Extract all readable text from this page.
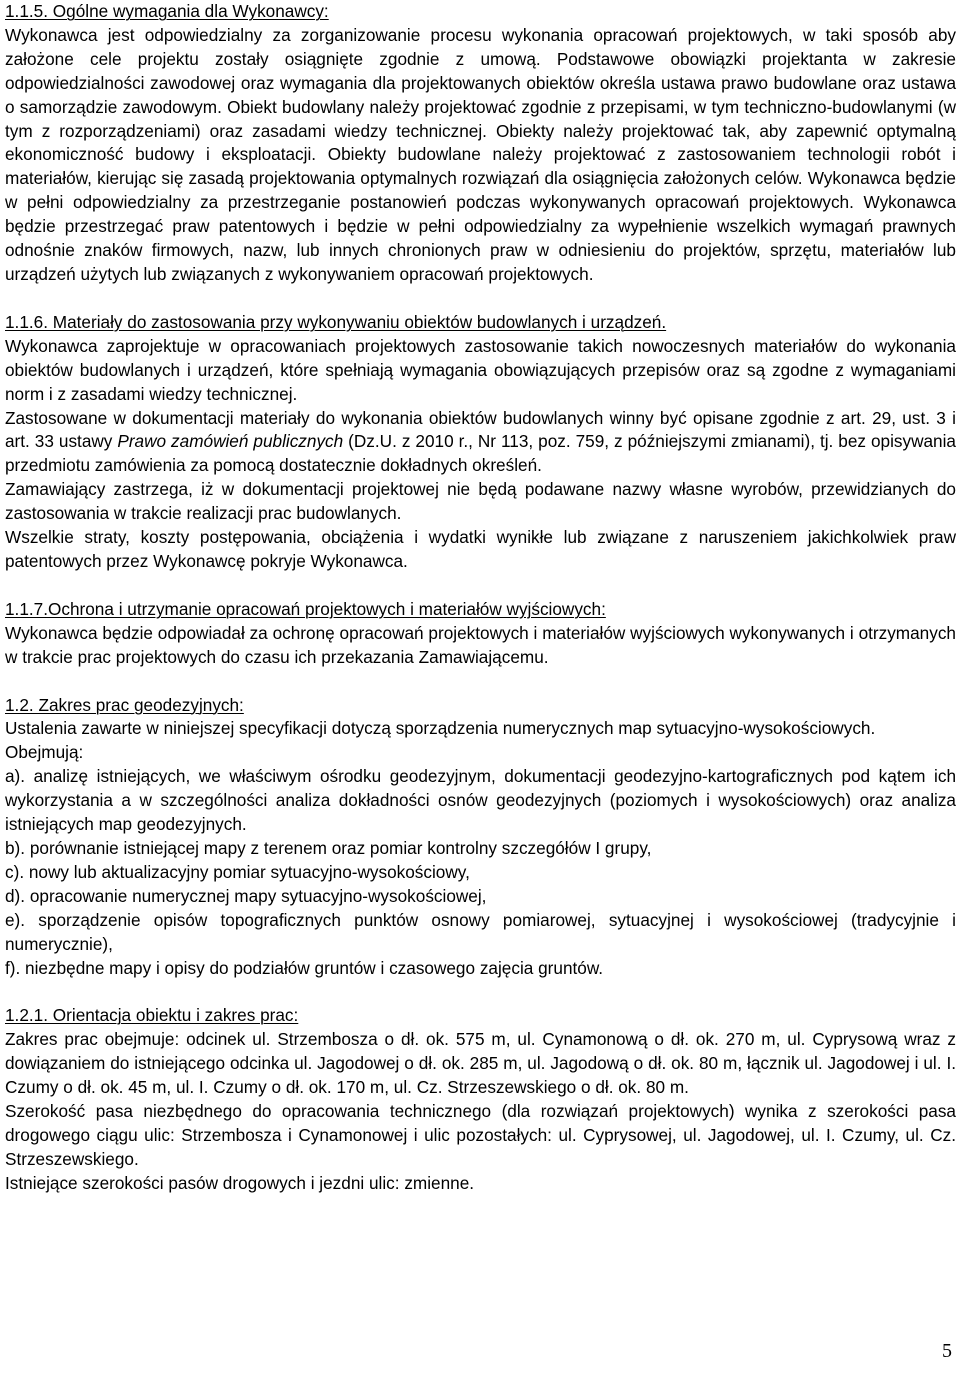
1.1.5. Ogólne wymagania dla Wykonawcy:

Wykonawca jest odpowiedzialny za zorganizowanie procesu wykonania opracowań projektowych, w taki sposób aby założone cele projektu zostały osiągnięte zgodnie z umową. Podstawowe obowiązki projektanta w zakresie odpowiedzialności zawodowej oraz wymagania dla projektowanych obiektów określa ustawa prawo budowlane oraz ustawa o samorządzie zawodowym. Obiekt budowlany należy projektować zgodnie z przepisami, w tym techniczno-budowlanymi (w tym z rozporządzeniami) oraz zasadami wiedzy technicznej. Obiekty należy projektować tak, aby zapewnić optymalną ekonomiczność budowy i eksploatacji. Obiekty budowlane należy projektować z zastosowaniem technologii robót i materiałów, kierując się zasadą projektowania optymalnych rozwiązań dla osiągnięcia założonych celów. Wykonawca będzie w pełni odpowiedzialny za przestrzeganie postanowień podczas wykonywanych opracowań projektowych. Wykonawca będzie przestrzegać praw patentowych i będzie w pełni odpowiedzialny za wypełnienie wszelkich wymagań prawnych odnośnie znaków firmowych, nazw, lub innych chronionych praw w odniesieniu do projektów, sprzętu, materiałów lub urządzeń użytych lub związanych z wykonywaniem opracowań projektowych.

1.1.6. Materiały do zastosowania przy wykonywaniu obiektów budowlanych i urządzeń.

Wykonawca zaprojektuje w opracowaniach projektowych zastosowanie takich nowoczesnych materiałów do wykonania obiektów budowlanych i urządzeń, które spełniają wymagania obowiązujących przepisów oraz są zgodne z wymaganiami norm i z zasadami wiedzy technicznej.

Zastosowane w dokumentacji materiały do wykonania obiektów budowlanych winny być opisane zgodnie z art. 29, ust. 3 i art. 33 ustawy Prawo zamówień publicznych (Dz.U. z 2010 r., Nr 113, poz. 759, z późniejszymi zmianami), tj. bez opisywania przedmiotu zamówienia za pomocą dostatecznie dokładnych określeń.

Zamawiający zastrzega, iż w dokumentacji projektowej nie będą podawane nazwy własne wyrobów, przewidzianych do zastosowania w trakcie realizacji prac budowlanych.

Wszelkie straty, koszty postępowania, obciążenia i wydatki wynikłe lub związane z naruszeniem jakichkolwiek praw patentowych przez Wykonawcę pokryje Wykonawca.

1.1.7.Ochrona i utrzymanie opracowań projektowych i materiałów wyjściowych:

Wykonawca będzie odpowiadał za ochronę opracowań projektowych i materiałów wyjściowych wykonywanych i otrzymanych w trakcie prac projektowych do czasu ich przekazania Zamawiającemu.

1.2. Zakres prac geodezyjnych:

Ustalenia zawarte w niniejszej specyfikacji dotyczą sporządzenia numerycznych map sytuacyjno-wysokościowych.

Obejmują:

a). analizę istniejących, we właściwym ośrodku geodezyjnym, dokumentacji geodezyjno-kartograficznych pod kątem ich wykorzystania a w szczególności analiza dokładności osnów geodezyjnych (poziomych i wysokościowych) oraz analiza istniejących map geodezyjnych.

b). porównanie istniejącej mapy z terenem oraz pomiar kontrolny szczegółów I grupy,

c). nowy lub aktualizacyjny pomiar sytuacyjno-wysokościowy,

d). opracowanie numerycznej mapy sytuacyjno-wysokościowej,

e). sporządzenie opisów topograficznych punktów osnowy pomiarowej, sytuacyjnej i wysokościowej (tradycyjnie i numerycznie),

f). niezbędne mapy i opisy do podziałów gruntów i czasowego zajęcia gruntów.

1.2.1. Orientacja obiektu i zakres prac:

Zakres prac obejmuje: odcinek ul. Strzembosza o dł. ok. 575 m, ul. Cynamonową o dł. ok. 270 m, ul. Cyprysową wraz z dowiązaniem do istniejącego odcinka ul. Jagodowej o dł. ok. 285 m, ul. Jagodową o dł. ok. 80 m, łącznik ul. Jagodowej i ul. I. Czumy o dł. ok. 45 m, ul. I. Czumy o dł. ok. 170 m, ul. Cz. Strzeszewskiego o dł. ok. 80 m.

Szerokość pasa niezbędnego do opracowania technicznego (dla rozwiązań projektowych) wynika z szerokości pasa drogowego ciągu ulic: Strzembosza i Cynamonowej i ulic pozostałych: ul. Cyprysowej, ul. Jagodowej, ul. I. Czumy, ul. Cz. Strzeszewskiego.

Istniejące szerokości pasów drogowych i jezdni ulic: zmienne.

5
